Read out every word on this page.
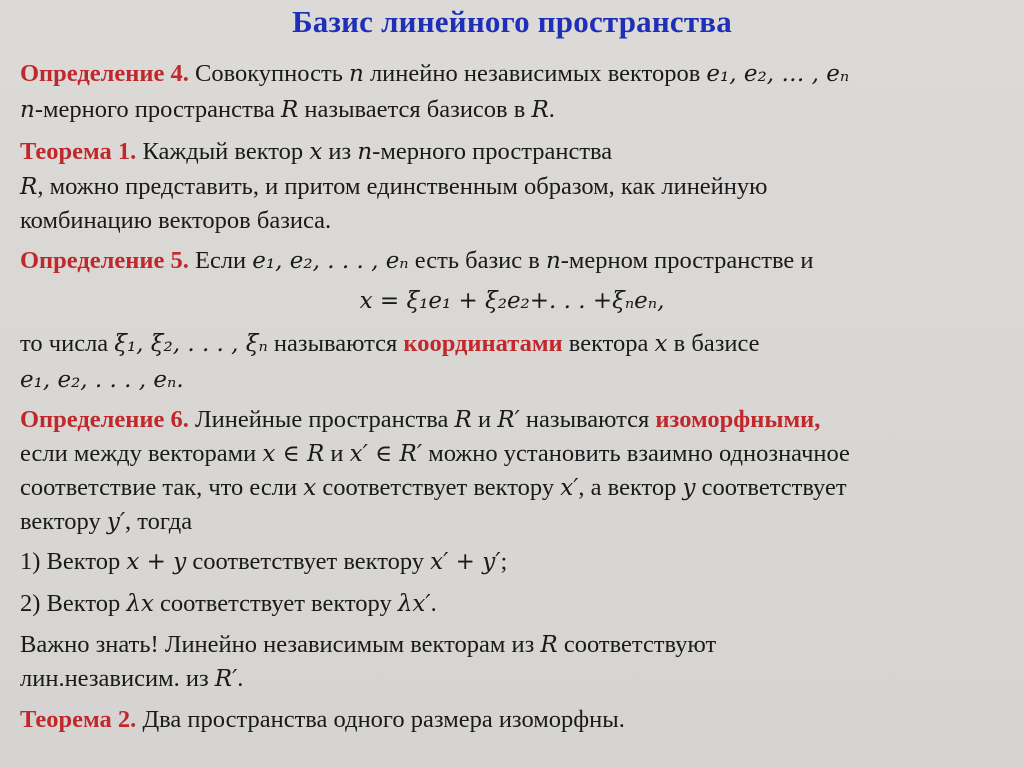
Базис линейного пространства
Определение 4. Совокупность n линейно независимых векторов e₁, e₂, … , eₙ
n-мерного пространства R называется базисов в R.
Теорема 1. Каждый вектор x из n-мерного пространства
R, можно представить, и притом единственным образом, как линейную
комбинацию векторов базиса.
Определение 5. Если e₁, e₂, . . . , eₙ есть базис в n-мерном пространстве и
x = ξ₁e₁ + ξ₂e₂+. . . +ξₙeₙ,
то числа ξ₁, ξ₂, . . . , ξₙ называются координатами вектора x в базисе
e₁, e₂, . . . , eₙ.
Определение 6. Линейные пространства R и R′ называются изоморфными,
если между векторами x ∈ R и x′ ∈ R′ можно установить взаимно однозначное
соответствие так, что если x соответствует вектору x′, а вектор y соответствует
вектору y′, тогда
1) Вектор x + y соответствует вектору x′ + y′;
2) Вектор λx соответствует вектору λx′.
Важно знать! Линейно независимым векторам из R соответствуют
лин.независим. из R′.
Теорема 2. Два пространства одного размера изоморфны.
